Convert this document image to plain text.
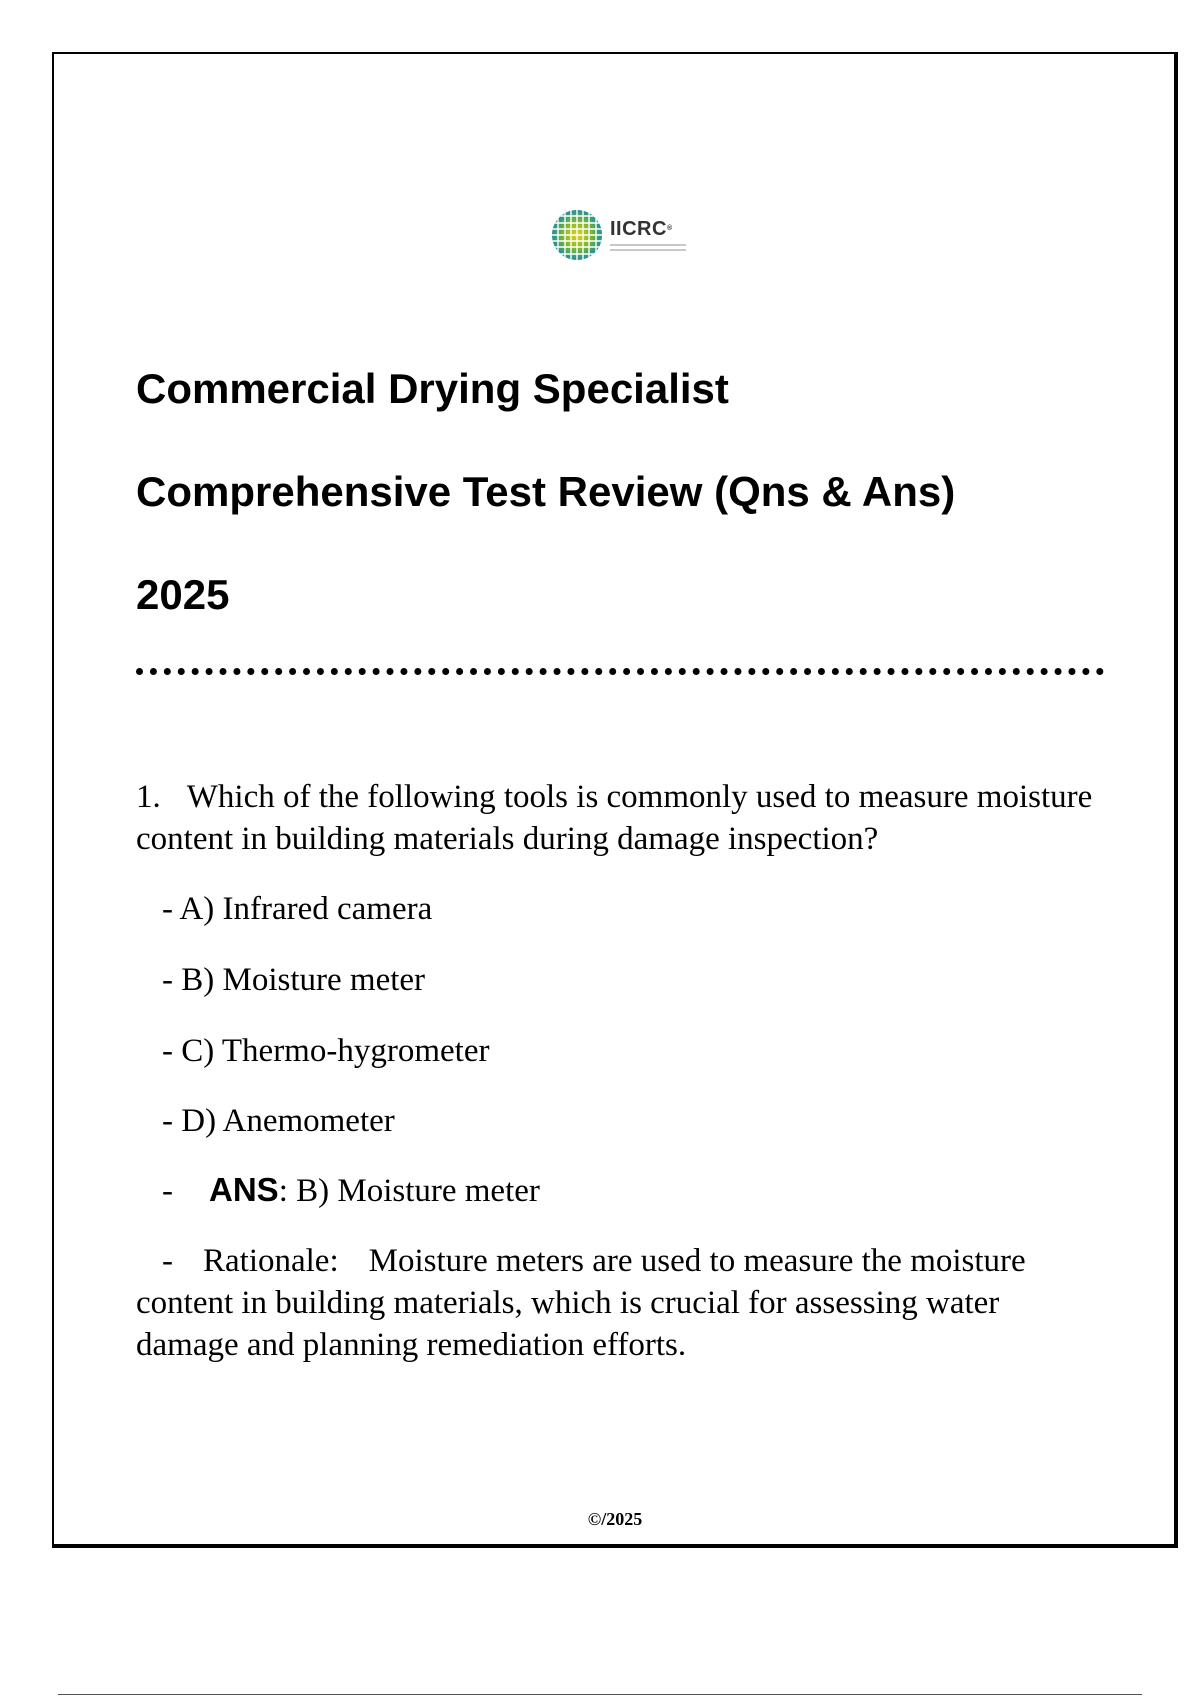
IICRC®
Commercial Drying Specialist
Comprehensive Test Review (Qns & Ans)
2025

1. Which of the following tools is commonly used to measure moisture content in building materials during damage inspection?

- A) Infrared camera

- B) Moisture meter

- C) Thermo-hygrometer

- D) Anemometer

- ANS: B) Moisture meter

- Rationale: Moisture meters are used to measure the moisture content in building materials, which is crucial for assessing water damage and planning remediation efforts.

©/2025
